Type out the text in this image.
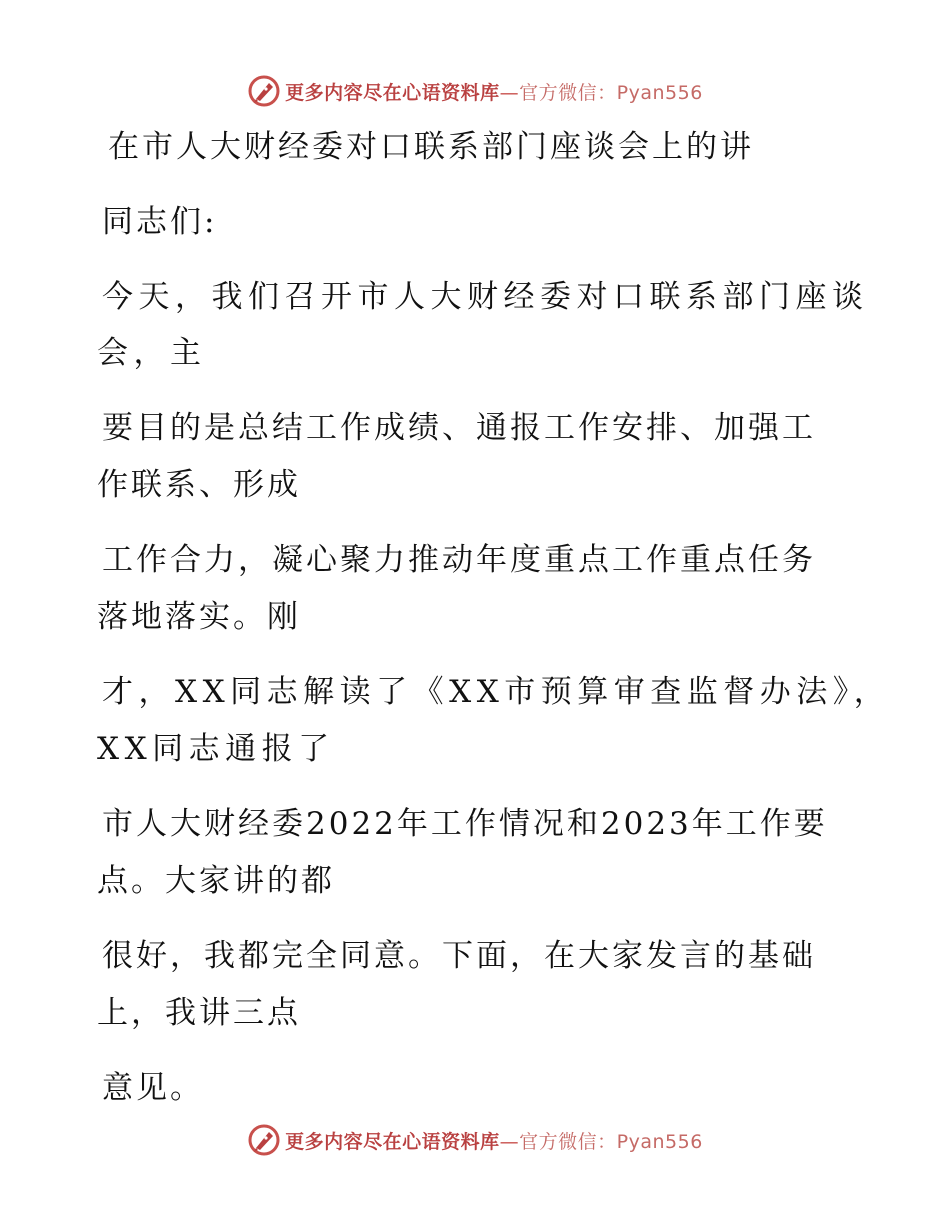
更多内容尽在心语资料库—官方微信：Pyan556
在市人大财经委对口联系部门座谈会上的讲
同志们:
今天，我们召开市人大财经委对口联系部门座谈
会，主
要目的是总结工作成绩、通报工作安排、加强工
作联系、形成
工作合力，凝心聚力推动年度重点工作重点任务
落地落实。刚
才，XX同志解读了《XX市预算审查监督办法》，
XX同志通报了
市人大财经委2022年工作情况和2023年工作要
点。大家讲的都
很好，我都完全同意。下面，在大家发言的基础
上，我讲三点
意见。
更多内容尽在心语资料库—官方微信：Pyan556
